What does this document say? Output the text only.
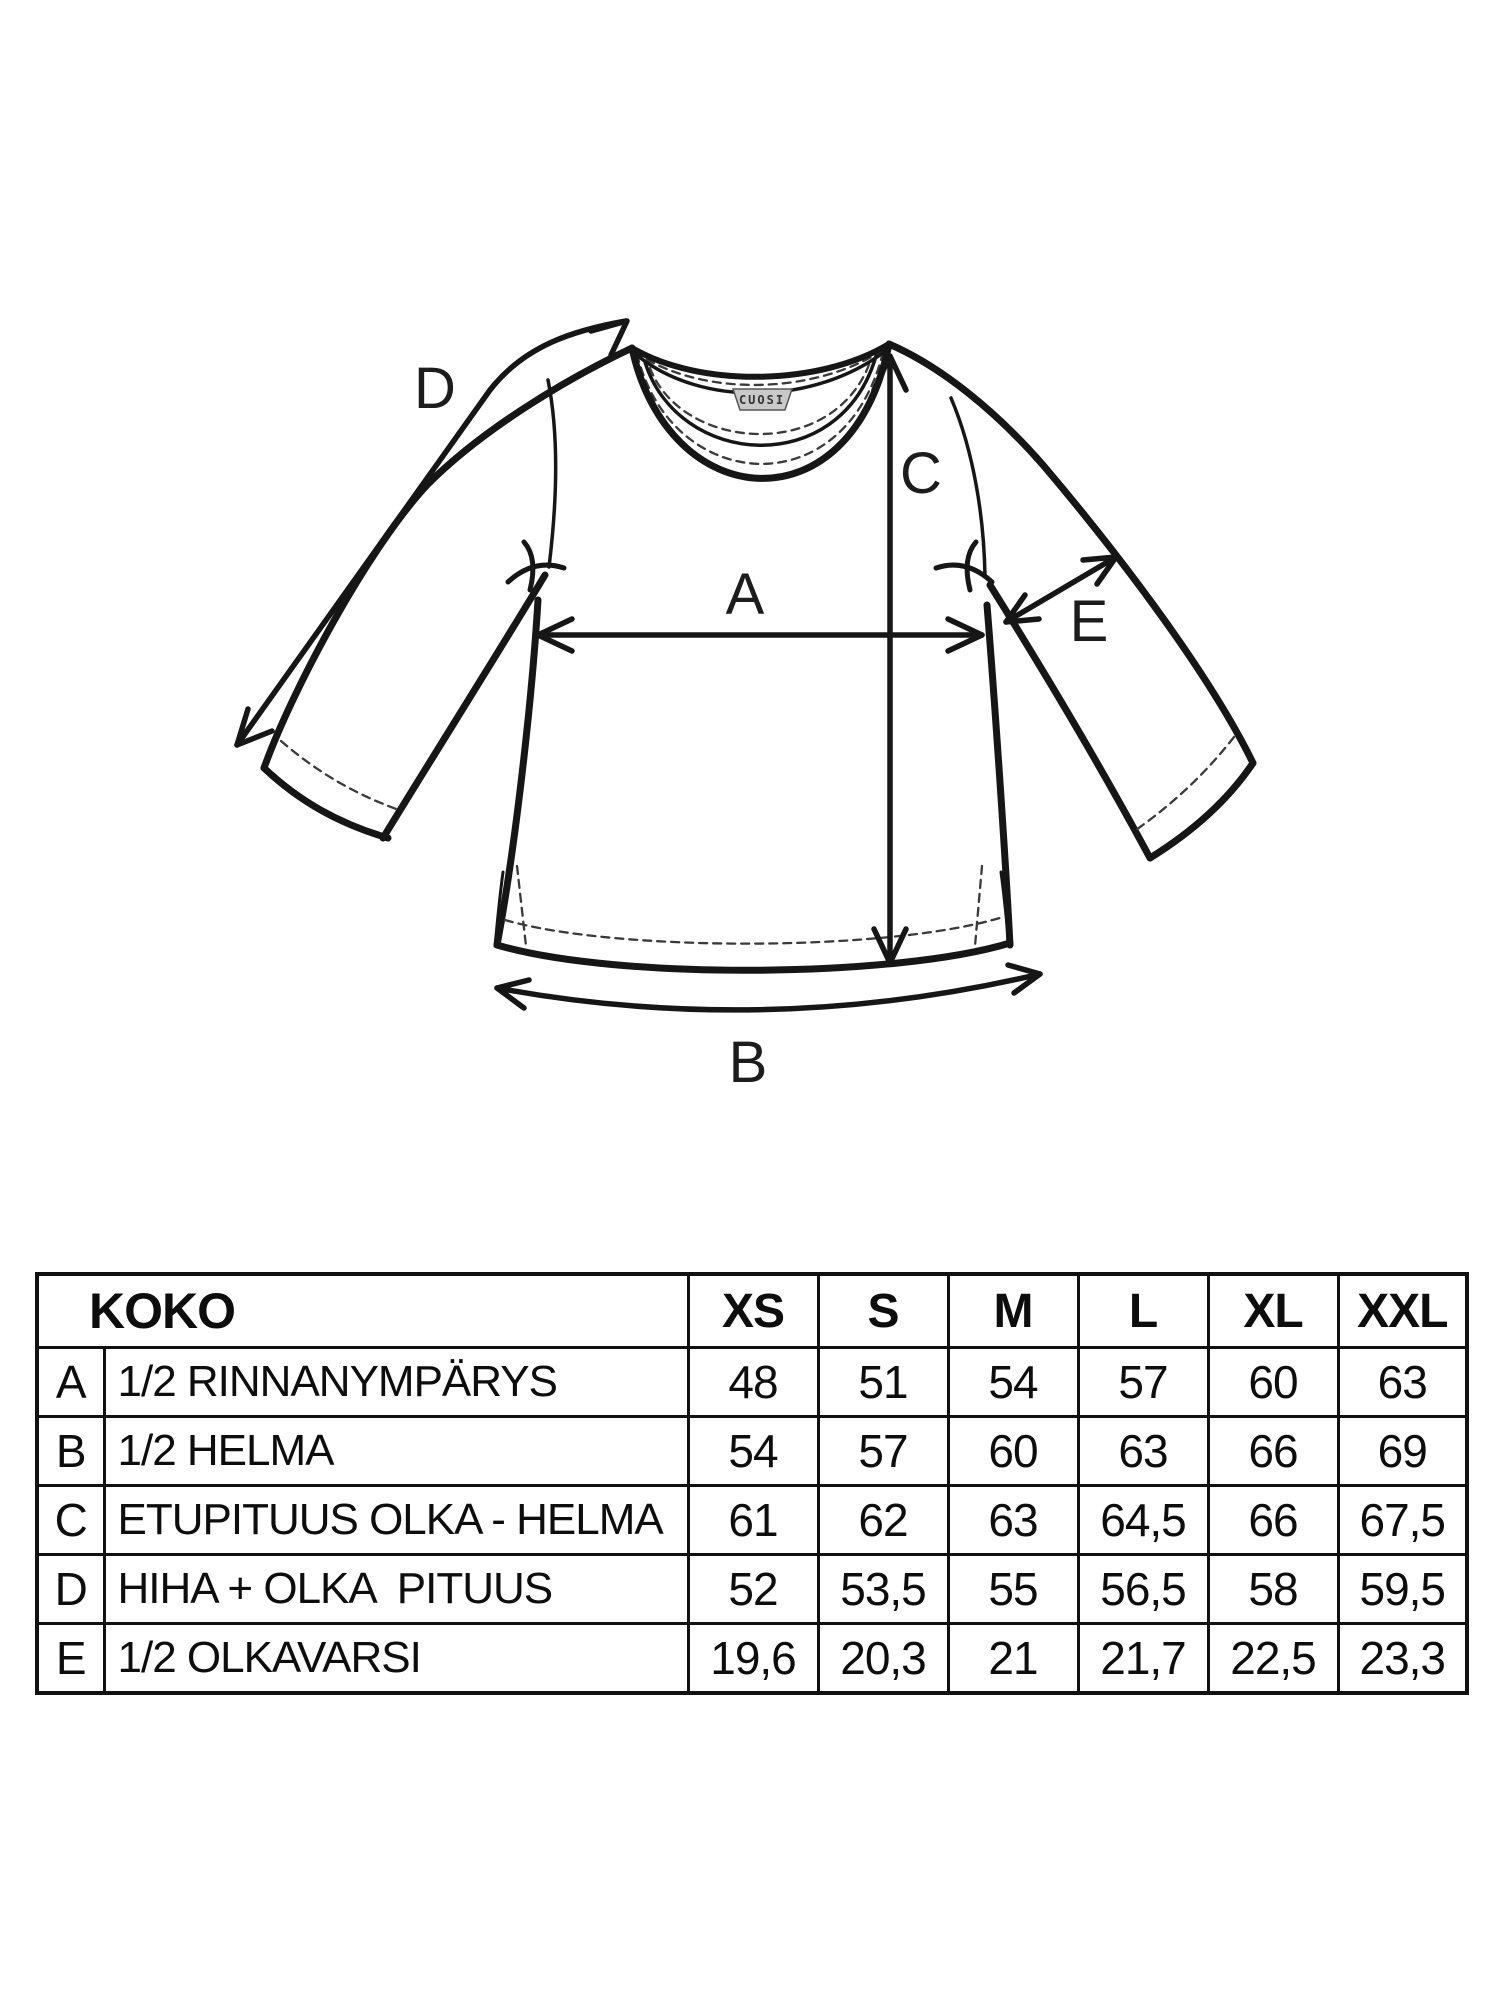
CUOSI
D
C
A	E
B
KOKO		XS	S	M	L	XL	XXL
A	1/2 RINNANYMPÄRYS	48	51	54	57	60	63
B	1/2 HELMA	54	57	60	63	66	69
C	ETUPITUUS OLKA - HELMA	61	62	63	64,5	66	67,5
D	HIHA + OLKA  PITUUS	52	53,5	55	56,5	58	59,5
E	1/2 OLKAVARSI	19,6	20,3	21	21,7	22,5	23,3
